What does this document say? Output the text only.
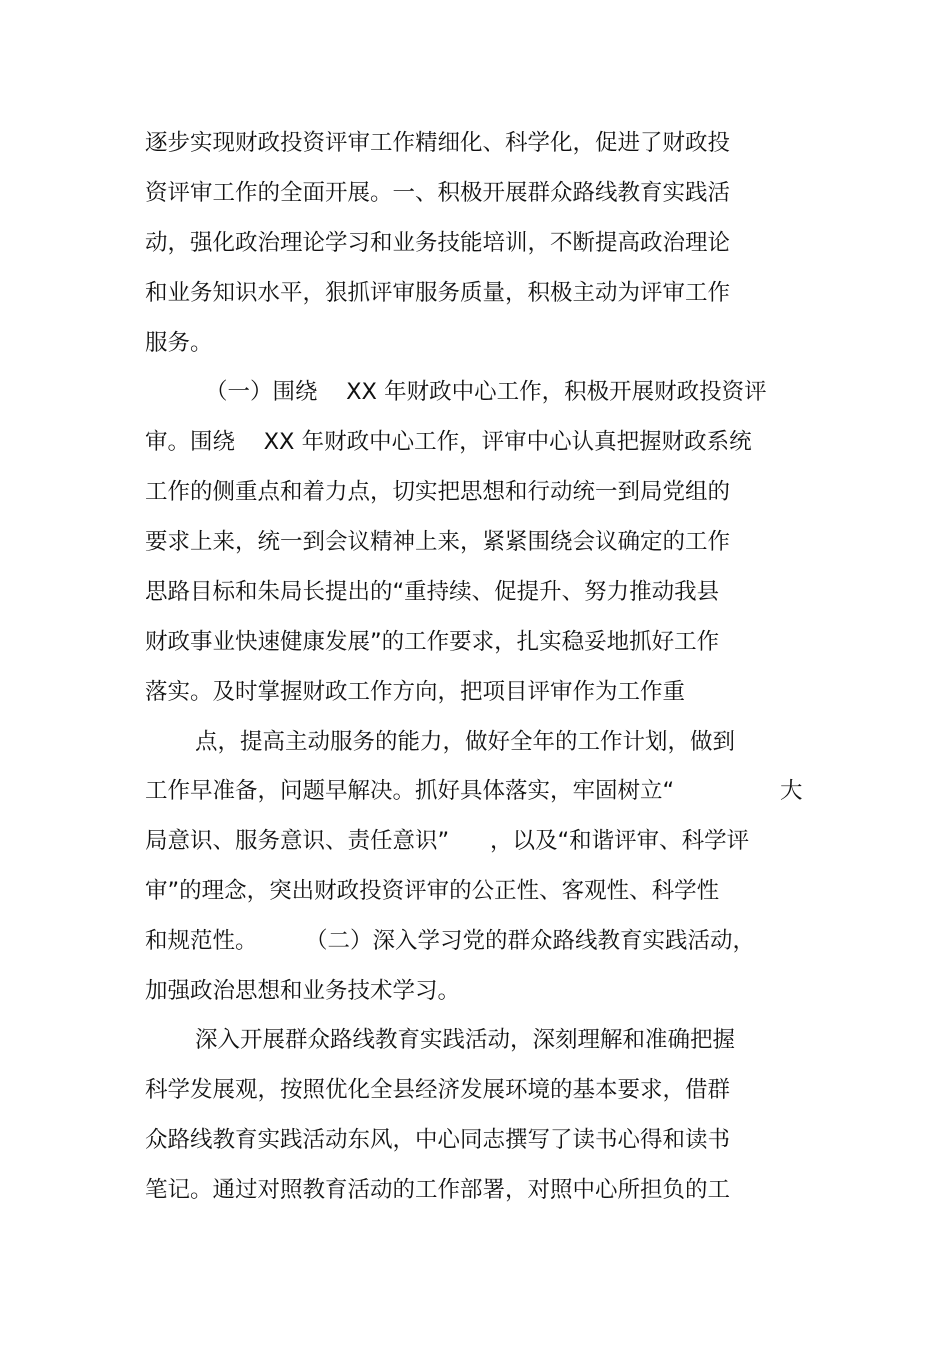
逐步实现财政投资评审工作精细化、科学化，促进了财政投

资评审工作的全面开展。一、积极开展群众路线教育实践活

动，强化政治理论学习和业务技能培训，不断提高政治理论

和业务知识水平，狠抓评审服务质量，积极主动为评审工作

服务。

（一）围绕    XX 年财政中心工作，积极开展财政投资评

审。围绕    XX 年财政中心工作，评审中心认真把握财政系统

工作的侧重点和着力点，切实把思想和行动统一到局党组的

要求上来，统一到会议精神上来，紧紧围绕会议确定的工作

思路目标和朱局长提出的“重持续、促提升、努力推动我县

财政事业快速健康发展”的工作要求，扎实稳妥地抓好工作

落实。及时掌握财政工作方向，把项目评审作为工作重

点，提高主动服务的能力，做好全年的工作计划，做到

工作早准备，问题早解决。抓好具体落实，牢固树立“	大

局意识、服务意识、责任意识” ，以及“和谐评审、科学评

审”的理念，突出财政投资评审的公正性、客观性、科学性

和规范性。 （二）深入学习党的群众路线教育实践活动，

加强政治思想和业务技术学习。

深入开展群众路线教育实践活动，深刻理解和准确把握

科学发展观，按照优化全县经济发展环境的基本要求，借群

众路线教育实践活动东风，中心同志撰写了读书心得和读书

笔记。通过对照教育活动的工作部署，对照中心所担负的工
